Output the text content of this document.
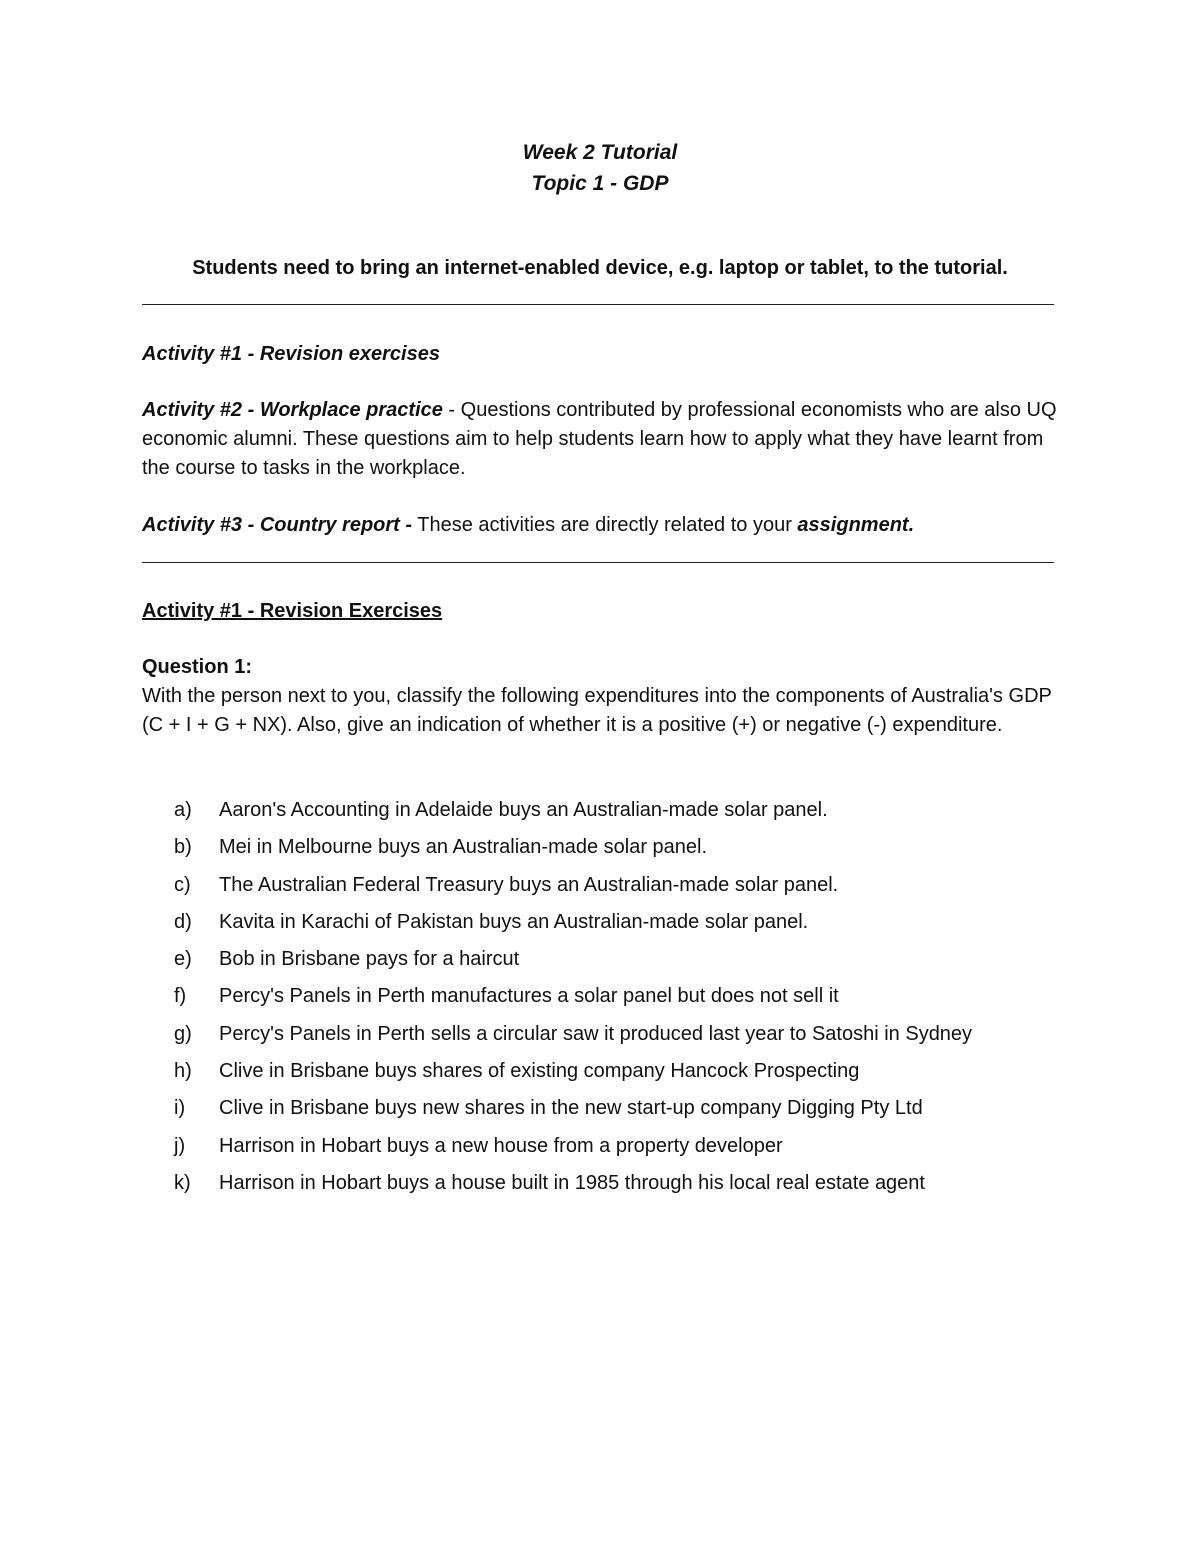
Week 2 Tutorial
Topic 1 - GDP
Students need to bring an internet-enabled device, e.g. laptop or tablet, to the tutorial.
Activity #1 - Revision exercises
Activity #2 - Workplace practice - Questions contributed by professional economists who are also UQ economic alumni. These questions aim to help students learn how to apply what they have learnt from the course to tasks in the workplace.
Activity #3 - Country report - These activities are directly related to your assignment.
Activity #1 - Revision Exercises
Question 1:
With the person next to you, classify the following expenditures into the components of Australia's GDP (C + I + G + NX). Also, give an indication of whether it is a positive (+) or negative (-) expenditure.
a)	Aaron's Accounting in Adelaide buys an Australian-made solar panel.
b)	Mei in Melbourne buys an Australian-made solar panel.
c)	The Australian Federal Treasury buys an Australian-made solar panel.
d)	Kavita in Karachi of Pakistan buys an Australian-made solar panel.
e)	Bob in Brisbane pays for a haircut
f)	Percy's Panels in Perth manufactures a solar panel but does not sell it
g)	Percy's Panels in Perth sells a circular saw it produced last year to Satoshi in Sydney
h)	Clive in Brisbane buys shares of existing company Hancock Prospecting
i)	Clive in Brisbane buys new shares in the new start-up company Digging Pty Ltd
j)	Harrison in Hobart buys a new house from a property developer
k)	Harrison in Hobart buys a house built in 1985 through his local real estate agent
